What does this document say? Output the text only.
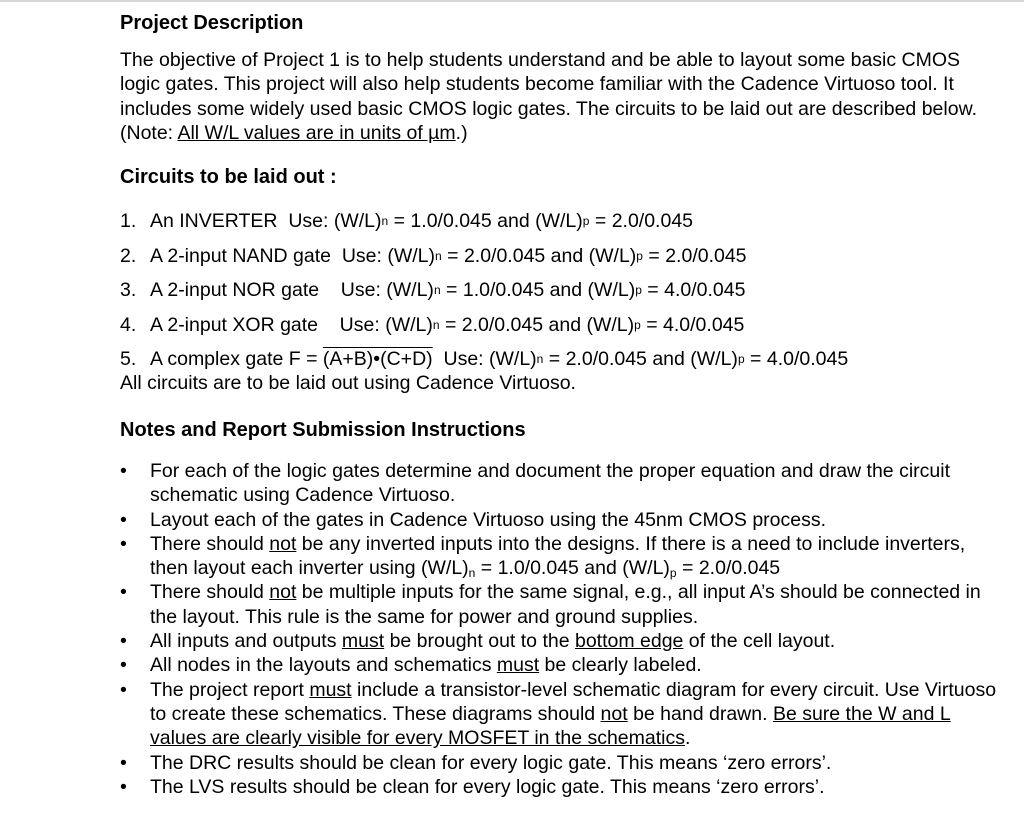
Project Description

The objective of Project 1 is to help students understand and be able to layout some basic CMOS logic gates. This project will also help students become familiar with the Cadence Virtuoso tool. It includes some widely used basic CMOS logic gates. The circuits to be laid out are described below. (Note: All W/L values are in units of µm.)

Circuits to be laid out :
1. An INVERTER  Use: (W/L) n = 1.0/0.045 and (W/L) p = 2.0/0.045
2. A 2-input NAND gate  Use: (W/L) n = 2.0/0.045 and (W/L) p = 2.0/0.045
3. A 2-input NOR gate    Use: (W/L) n = 1.0/0.045 and (W/L) p = 4.0/0.045
4. A 2-input XOR gate    Use: (W/L) n = 2.0/0.045 and (W/L) p = 4.0/0.045
5. A complex gate F = (A+B)•(C+D) Use: (W/L) n = 2.0/0.045 and (W/L) p = 4.0/0.045

All circuits are to be laid out using Cadence Virtuoso.

Notes and Report Submission Instructions
• For each of the logic gates determine and document the proper equation and draw the circuit schematic using Cadence Virtuoso.
• Layout each of the gates in Cadence Virtuoso using the 45nm CMOS process.
• There should not be any inverted inputs into the designs. If there is a need to include inverters, then layout each inverter using $(W/L)_n = 1.0/0.045$ and $(W/L)_p = 2.0/0.045$
• There should not be multiple inputs for the same signal, e.g., all input A’s should be connected in the layout. This rule is the same for power and ground supplies.
• All inputs and outputs must be brought out to the bottom edge of the cell layout.
• All nodes in the layouts and schematics must be clearly labeled.
• The project report must include a transistor-level schematic diagram for every circuit. Use Virtuoso to create these schematics. These diagrams should not be hand drawn. Be sure the W and L values are clearly visible for every MOSFET in the schematics.
• The DRC results should be clean for every logic gate. This means ‘zero errors’.
• The LVS results should be clean for every logic gate. This means ‘zero errors’.
